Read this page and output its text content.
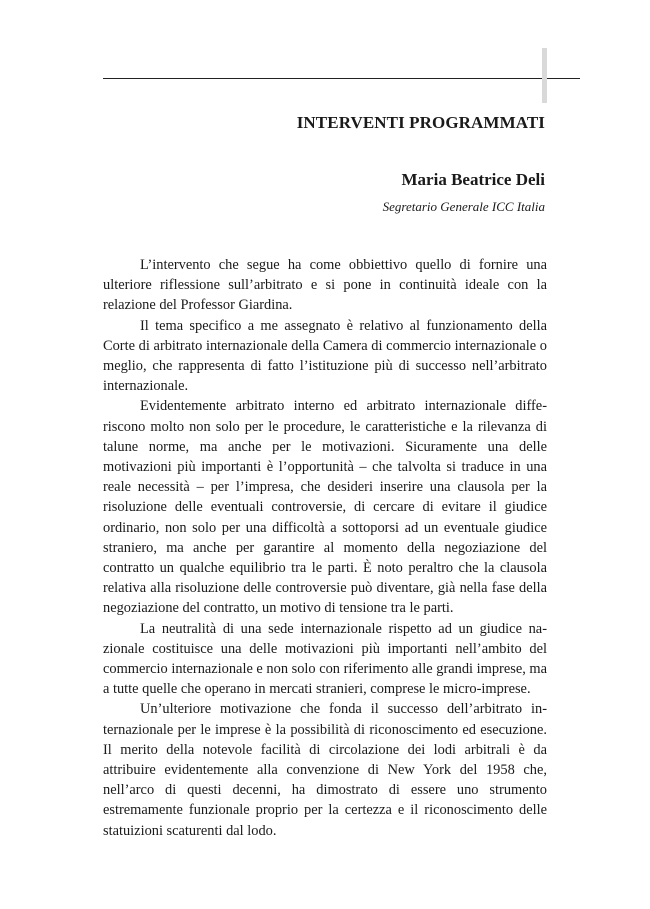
INTERVENTI PROGRAMMATI
Maria Beatrice Deli
Segretario Generale ICC Italia

L’intervento che segue ha come obbiettivo quello di fornire una ulteriore riflessione sull’arbitrato e si pone in continuità ideale con la relazione del Professor Giardina.

Il tema specifico a me assegnato è relativo al funzionamento della Corte di arbitrato internazionale della Camera di commercio internazionale o meglio, che rappresenta di fatto l’istituzione più di successo nell’arbitrato internazionale.

Evidentemente arbitrato interno ed arbitrato internazionale differiscono molto non solo per le procedure, le caratteristiche e la rilevanza di talune norme, ma anche per le motivazioni. Sicuramente una delle motivazioni più importanti è l’opportunità – che talvolta si traduce in una reale necessità – per l’impresa, che desideri inserire una clausola per la risoluzione delle eventuali controversie, di cercare di evitare il giudice ordinario, non solo per una difficoltà a sottoporsi ad un eventuale giudice straniero, ma anche per garantire al momento della negoziazione del contratto un qualche equilibrio tra le parti. È noto peraltro che la clausola relativa alla risoluzione delle controversie può diventare, già nella fase della negoziazione del contratto, un motivo di tensione tra le parti.

La neutralità di una sede internazionale rispetto ad un giudice nazionale costituisce una delle motivazioni più importanti nell’ambito del commercio internazionale e non solo con riferimento alle grandi imprese, ma a tutte quelle che operano in mercati stranieri, comprese le micro-imprese.

Un’ulteriore motivazione che fonda il successo dell’arbitrato internazionale per le imprese è la possibilità di riconoscimento ed esecuzione. Il merito della notevole facilità di circolazione dei lodi arbitrali è da attribuire evidentemente alla convenzione di New York del 1958 che, nell’arco di questi decenni, ha dimostrato di essere uno strumento estremamente funzionale proprio per la certezza e il riconoscimento delle statuizioni scaturenti dal lodo.
